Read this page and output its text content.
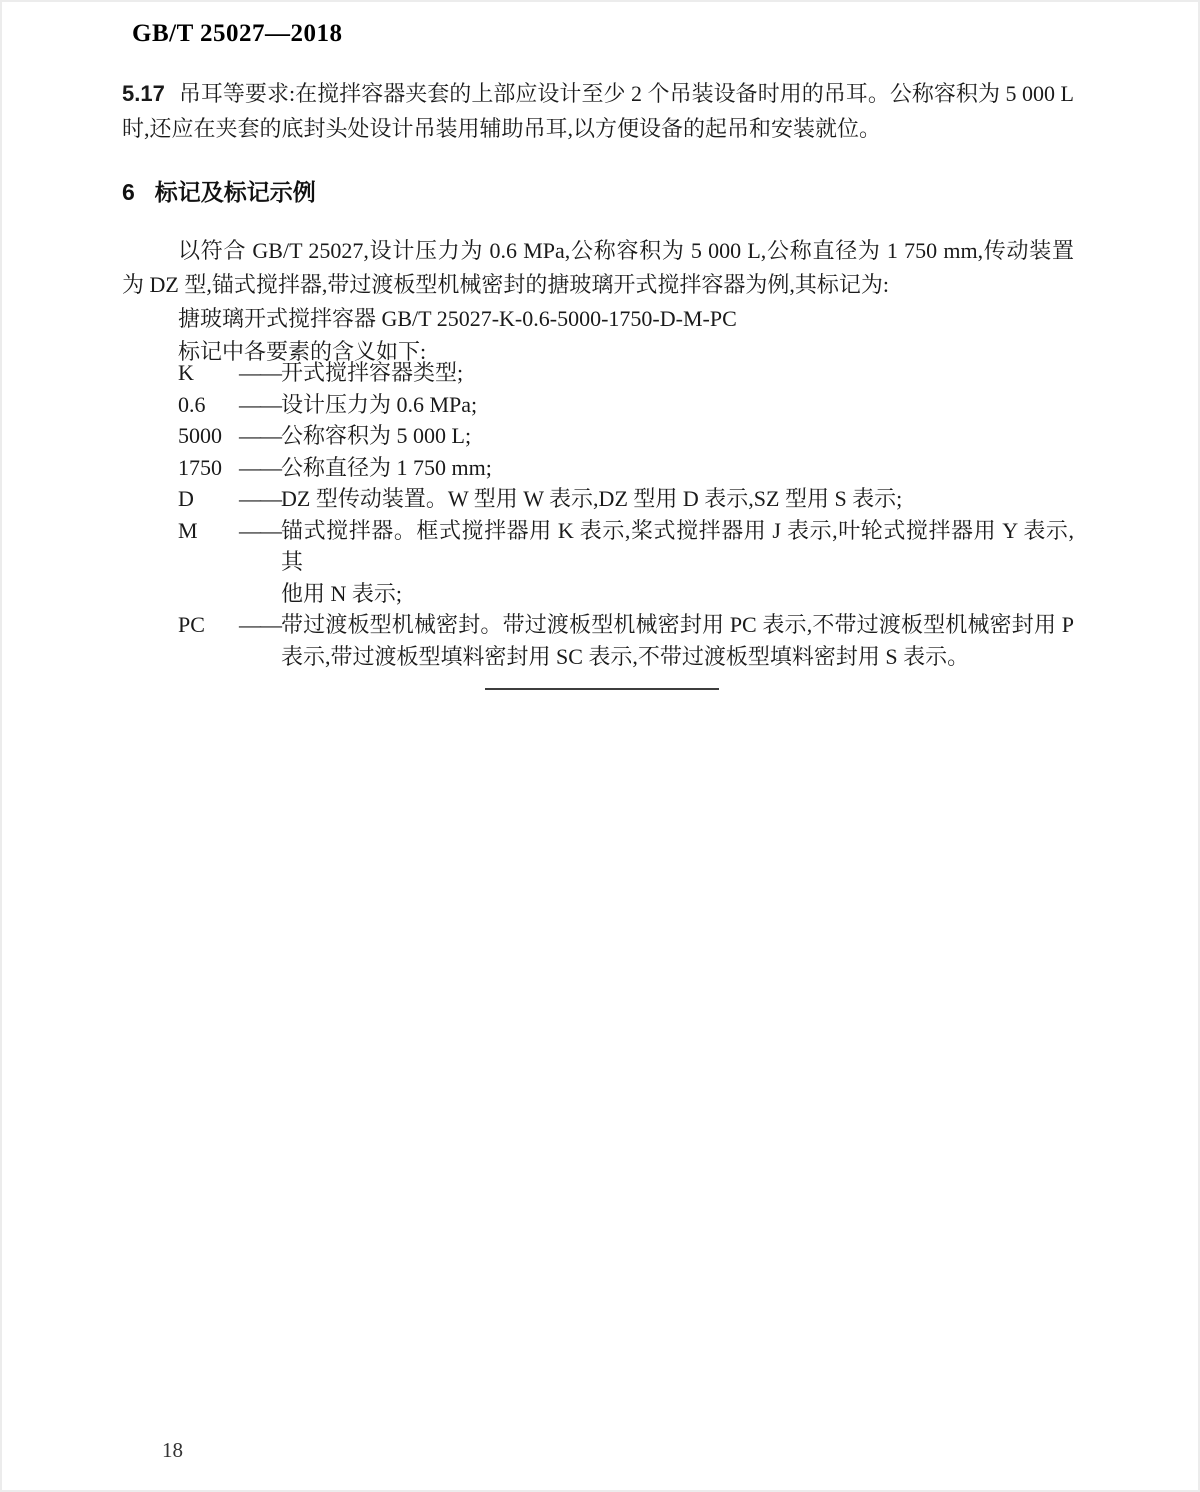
GB/T 25027—2018
5.17 吊耳等要求:在搅拌容器夹套的上部应设计至少 2 个吊装设备时用的吊耳。公称容积为 5 000 L
时,还应在夹套的底封头处设计吊装用辅助吊耳,以方便设备的起吊和安装就位。
6 标记及标记示例
以符合 GB/T 25027,设计压力为 0.6 MPa,公称容积为 5 000 L,公称直径为 1 750 mm,传动装置
为 DZ 型,锚式搅拌器,带过渡板型机械密封的搪玻璃开式搅拌容器为例,其标记为:
搪玻璃开式搅拌容器 GB/T 25027-K-0.6-5000-1750-D-M-PC
标记中各要素的含义如下:
K —— 开式搅拌容器类型;
0.6 —— 设计压力为 0.6 MPa;
5000 —— 公称容积为 5 000 L;
1750 —— 公称直径为 1 750 mm;
D —— DZ 型传动装置。W 型用 W 表示,DZ 型用 D 表示,SZ 型用 S 表示;
M —— 锚式搅拌器。框式搅拌器用 K 表示,桨式搅拌器用 J 表示,叶轮式搅拌器用 Y 表示,其
他用 N 表示;
PC —— 带过渡板型机械密封。带过渡板型机械密封用 PC 表示,不带过渡板型机械密封用 P
表示,带过渡板型填料密封用 SC 表示,不带过渡板型填料密封用 S 表示。
18
